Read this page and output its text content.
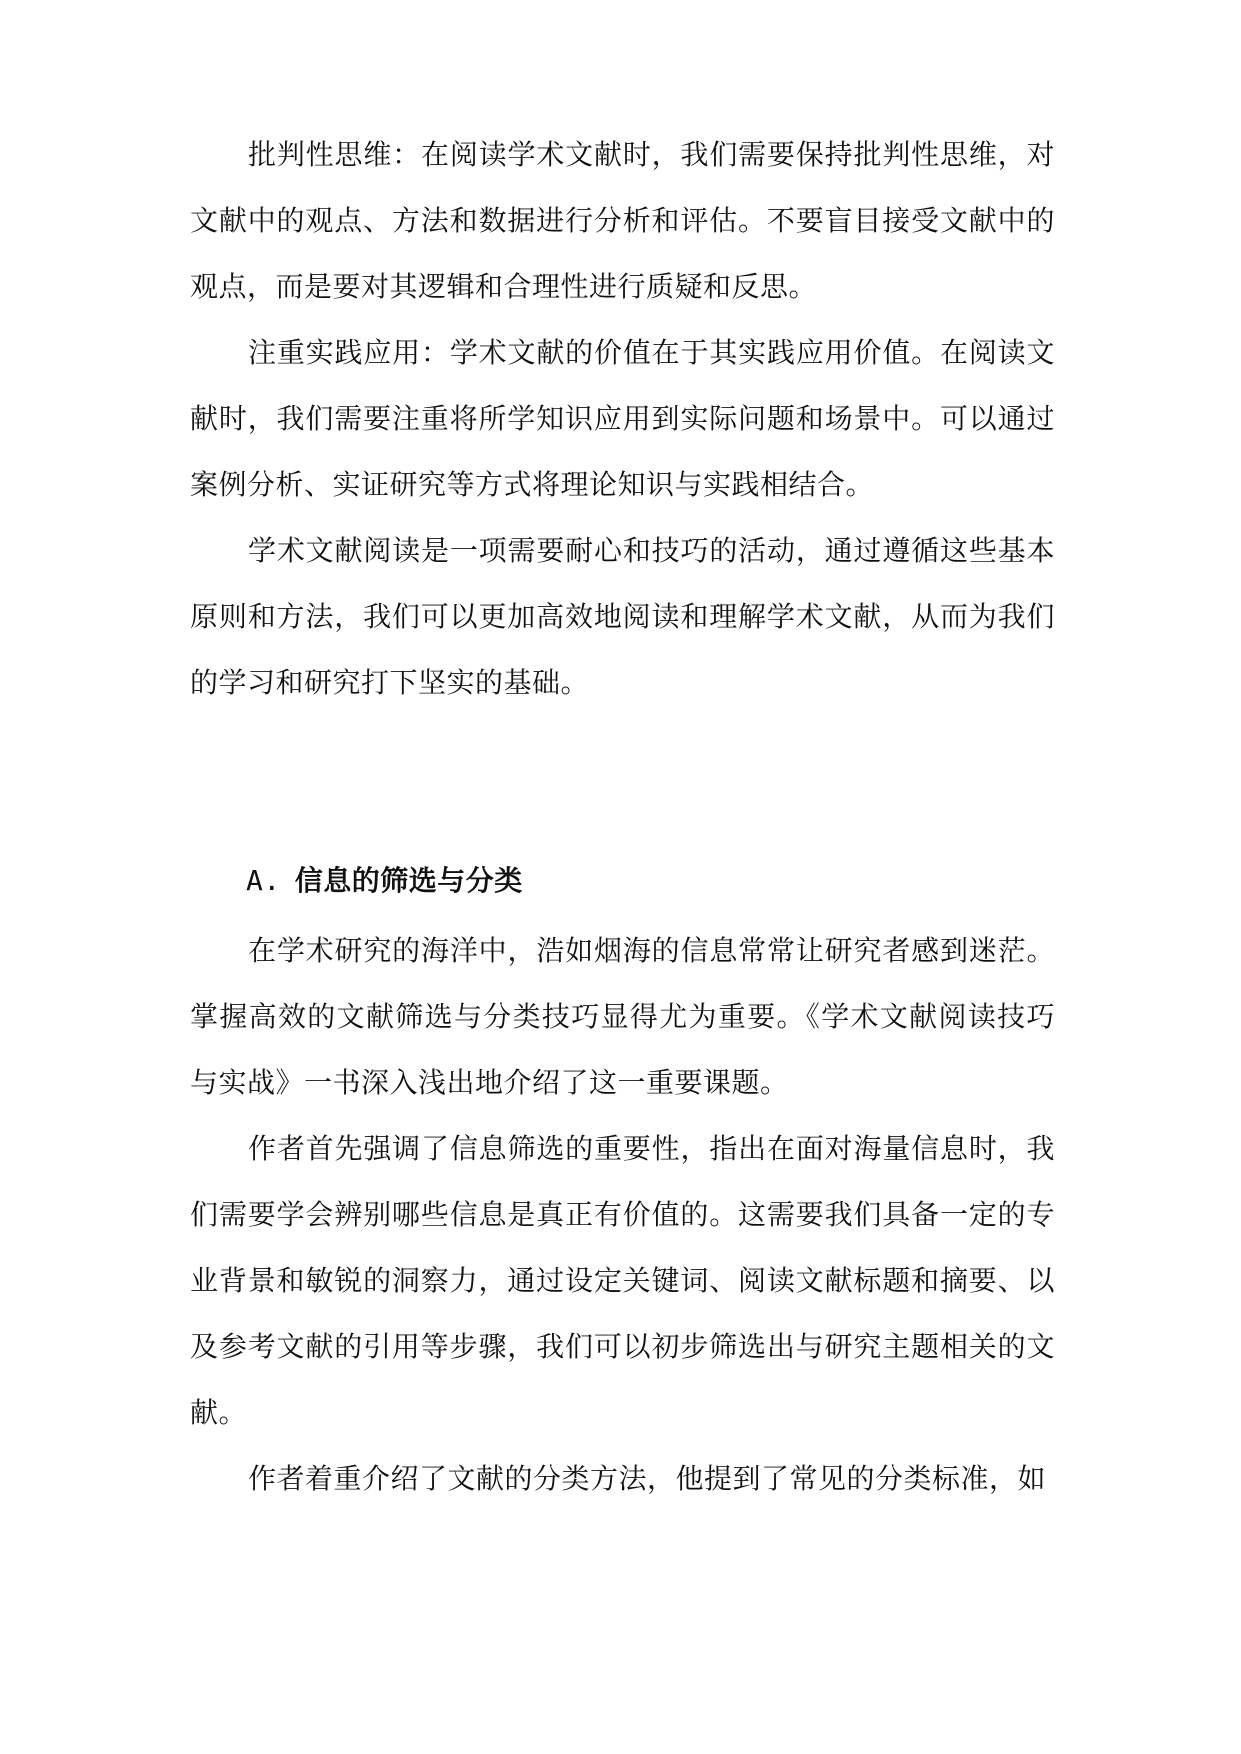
批判性思维：在阅读学术文献时，我们需要保持批判性思维，对文献中的观点、方法和数据进行分析和评估。不要盲目接受文献中的观点，而是要对其逻辑和合理性进行质疑和反思。

注重实践应用：学术文献的价值在于其实践应用价值。在阅读文献时，我们需要注重将所学知识应用到实际问题和场景中。可以通过案例分析、实证研究等方式将理论知识与实践相结合。

学术文献阅读是一项需要耐心和技巧的活动，通过遵循这些基本原则和方法，我们可以更加高效地阅读和理解学术文献，从而为我们的学习和研究打下坚实的基础。

A. 信息的筛选与分类

在学术研究的海洋中，浩如烟海的信息常常让研究者感到迷茫。掌握高效的文献筛选与分类技巧显得尤为重要。《学术文献阅读技巧与实战》一书深入浅出地介绍了这一重要课题。

作者首先强调了信息筛选的重要性，指出在面对海量信息时，我们需要学会辨别哪些信息是真正有价值的。这需要我们具备一定的专业背景和敏锐的洞察力，通过设定关键词、阅读文献标题和摘要、以及参考文献的引用等步骤，我们可以初步筛选出与研究主题相关的文献。

作者着重介绍了文献的分类方法，他提到了常见的分类标准，如
